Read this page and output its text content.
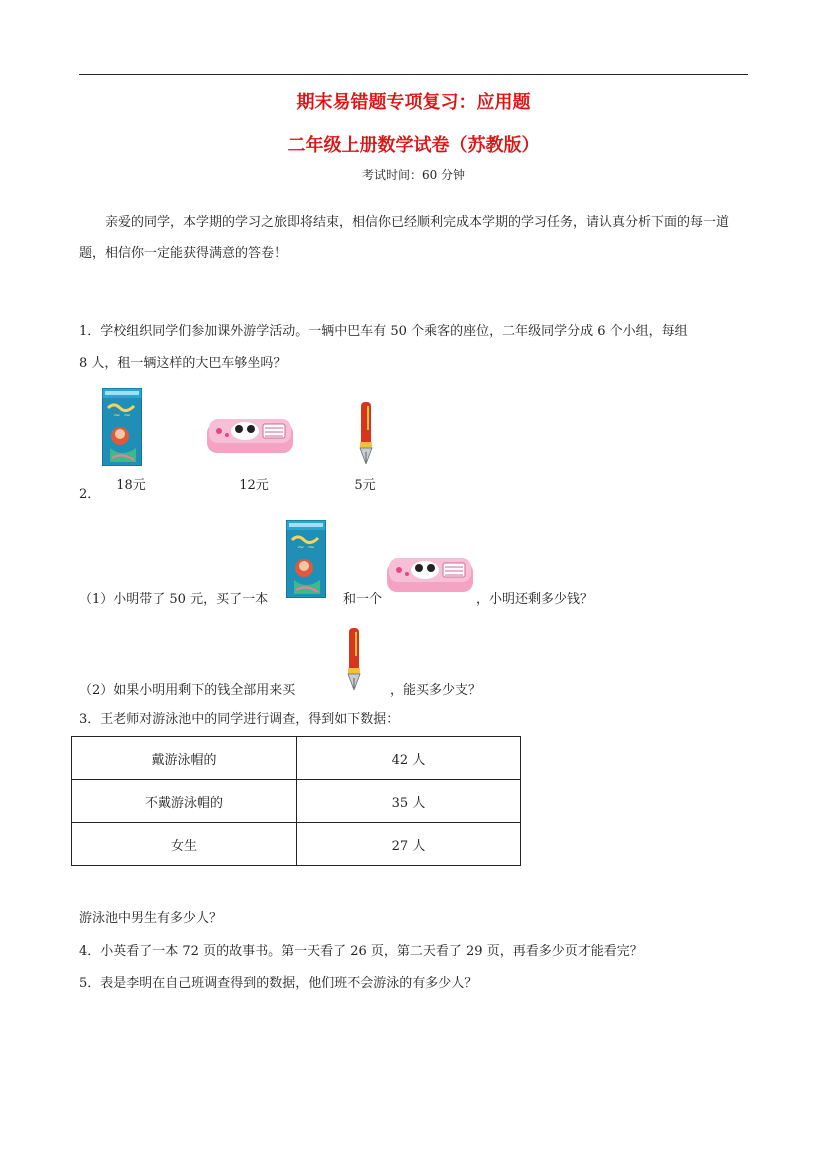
期末易错题专项复习：应用题
二年级上册数学试卷（苏教版）
考试时间：60 分钟
亲爱的同学，本学期的学习之旅即将结束，相信你已经顺利完成本学期的学习任务，请认真分析下面的每一道题，相信你一定能获得满意的答卷！
1．学校组织同学们参加课外游学活动。一辆中巴车有 50 个乘客的座位，二年级同学分成 6 个小组，每组
8 人，租一辆这样的大巴车够坐吗？
18元	12元	5元
2．
（1）小明带了 50 元，买了一本	和一个	，小明还剩多少钱？
（2）如果小明用剩下的钱全部用来买	，能买多少支？
3．王老师对游泳池中的同学进行调查，得到如下数据：
戴游泳帽的	42 人
不戴游泳帽的	35 人
女生	27 人
游泳池中男生有多少人？
4．小英看了一本 72 页的故事书。第一天看了 26 页，第二天看了 29 页，再看多少页才能看完？
5．表是李明在自己班调查得到的数据，他们班不会游泳的有多少人？
